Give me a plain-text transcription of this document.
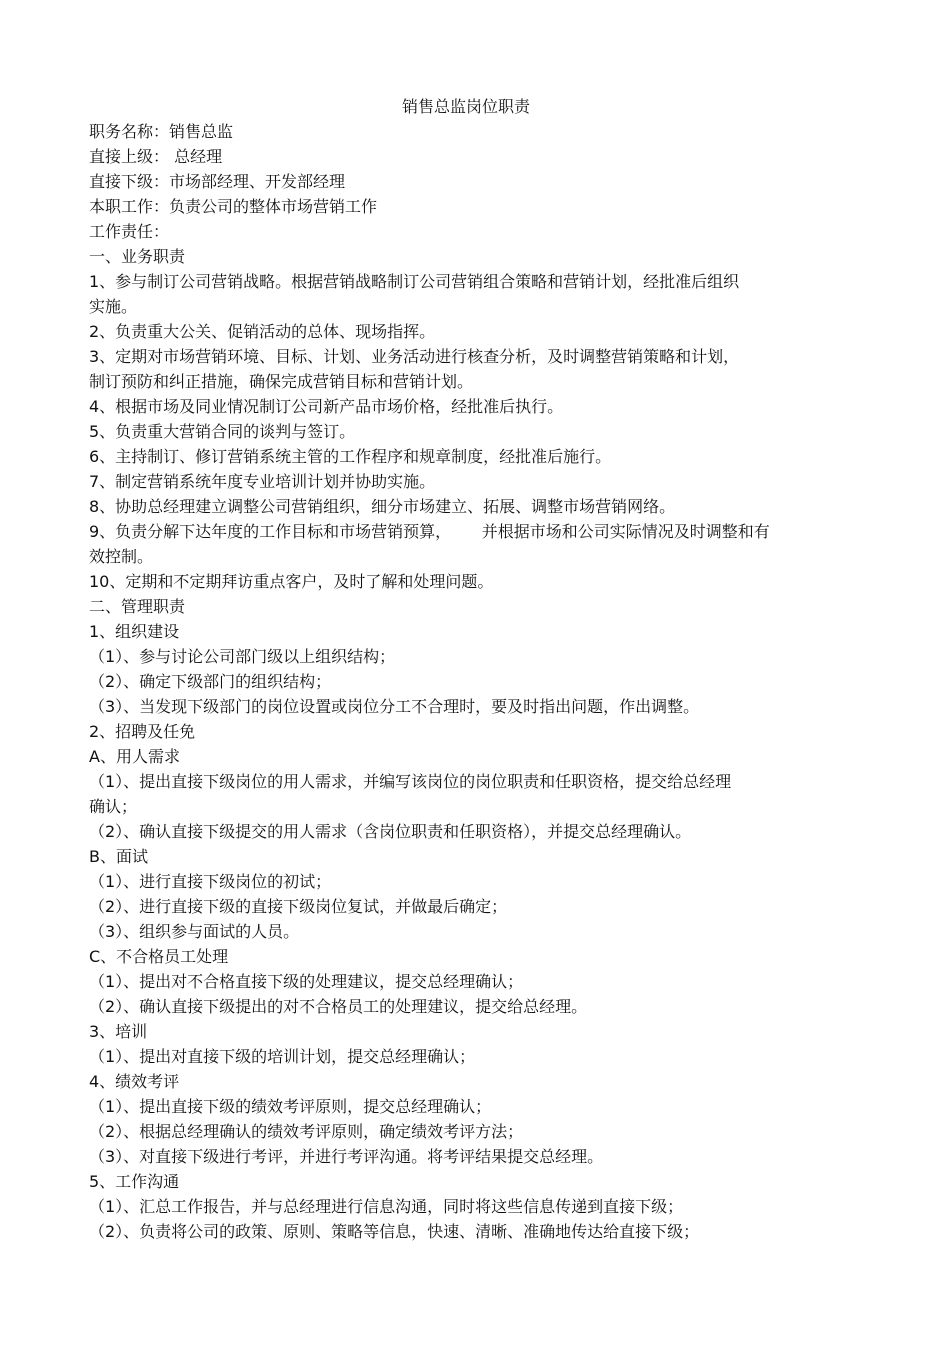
销售总监岗位职责
职务名称：销售总监
直接上级： 总经理
直接下级：市场部经理、开发部经理
本职工作：负责公司的整体市场营销工作
工作责任：
一、业务职责
1、参与制订公司营销战略。根据营销战略制订公司营销组合策略和营销计划，经批准后组织
实施。
2、负责重大公关、促销活动的总体、现场指挥。
3、定期对市场营销环境、目标、计划、业务活动进行核查分析，及时调整营销策略和计划，
制订预防和纠正措施，确保完成营销目标和营销计划。
4、根据市场及同业情况制订公司新产品市场价格，经批准后执行。
5、负责重大营销合同的谈判与签订。
6、主持制订、修订营销系统主管的工作程序和规章制度，经批准后施行。
7、制定营销系统年度专业培训计划并协助实施。
8、协助总经理建立调整公司营销组织，细分市场建立、拓展、调整市场营销网络。
9、负责分解下达年度的工作目标和市场营销预算，      并根据市场和公司实际情况及时调整和有
效控制。
10、定期和不定期拜访重点客户，及时了解和处理问题。
二、管理职责
1、组织建设
（1）、参与讨论公司部门级以上组织结构；
（2）、确定下级部门的组织结构；
（3）、当发现下级部门的岗位设置或岗位分工不合理时，要及时指出问题，作出调整。
2、招聘及任免
A、用人需求
（1）、提出直接下级岗位的用人需求，并编写该岗位的岗位职责和任职资格，提交给总经理
确认；
（2）、确认直接下级提交的用人需求（含岗位职责和任职资格），并提交总经理确认。
B、面试
（1）、进行直接下级岗位的初试；
（2）、进行直接下级的直接下级岗位复试，并做最后确定；
（3）、组织参与面试的人员。
C、不合格员工处理
（1）、提出对不合格直接下级的处理建议，提交总经理确认；
（2）、确认直接下级提出的对不合格员工的处理建议，提交给总经理。
3、培训
（1）、提出对直接下级的培训计划，提交总经理确认；
4、绩效考评
（1）、提出直接下级的绩效考评原则，提交总经理确认；
（2）、根据总经理确认的绩效考评原则，确定绩效考评方法；
（3）、对直接下级进行考评，并进行考评沟通。将考评结果提交总经理。
5、工作沟通
（1）、汇总工作报告，并与总经理进行信息沟通，同时将这些信息传递到直接下级；
（2）、负责将公司的政策、原则、策略等信息，快速、清晰、准确地传达给直接下级；
